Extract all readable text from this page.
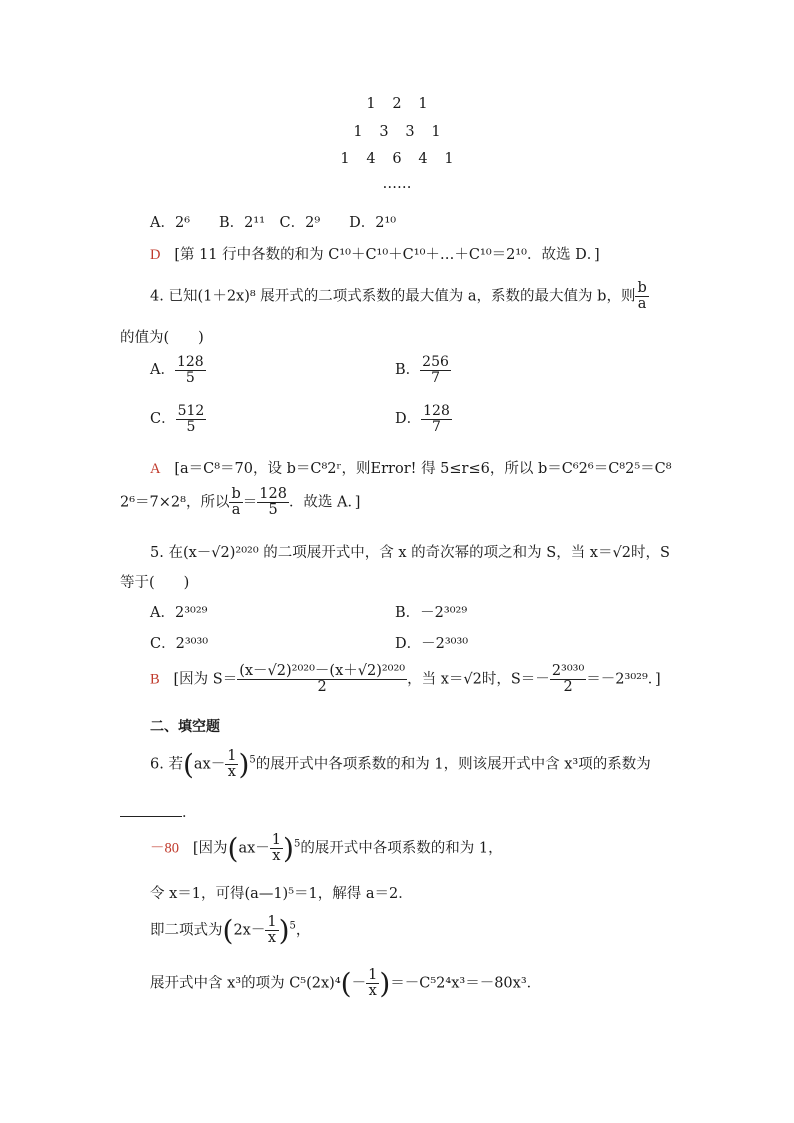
1 2 1
1 3 3 1
1 4 6 4 1
……
A．2⁶　　B．2¹¹　C．2⁹　　D．2¹⁰
D [第 11 行中各数的和为 C¹⁰＋C¹⁰＋C¹⁰＋…＋C¹⁰＝2¹⁰．故选 D．]
4. 已知(1＋2x)⁸ 展开式的二项式系数的最大值为 a，系数的最大值为 b，则 $\frac{b}{a}$
的值为(　　)
A． $\frac{128}{5}$	B． $\frac{256}{7}$
C． $\frac{512}{5}$	D． $\frac{128}{7}$
A [a＝C⁸＝70，设 b＝C⁸2ʳ，则Error! 得 5≤r≤6，所以 b＝C⁶2⁶＝C⁸2⁵＝C⁸
2⁶＝7×2⁸，所以 $\frac{b}{a} = \frac{128}{5}$ ．故选 A．]
5. 在(x－√2)²⁰²⁰ 的二项展开式中，含 x 的奇次幂的项之和为 S，当 x＝√2时，S
等于(　　)
A．2³⁰²⁹	B．－2³⁰²⁹
C．2³⁰³⁰	D．－2³⁰³⁰
B [因为 $S= \frac{\text{(x－√2)²⁰²⁰－(x＋√2)²⁰²⁰}}{2}$ ，当 x＝√2时，$S=- \frac{\text{2³⁰³⁰}}{2} =-2^{3029}$．]
二、填空题
6. 若$(ax- \frac{1}{x} )^5$的展开式中各项系数的和为 1，则该展开式中含 x³项的系数为
．
－80 [因为$(ax- \frac{1}{x} )^5$的展开式中各项系数的和为 1，
令 x＝1，可得(a—1)⁵＝1，解得 a＝2．
即二项式为$(2x- \frac{1}{x} )^5$，
展开式中含 x³的项为 $C^5(2x)^4(- \frac{1}{x} )=-C^52^4x^3=-80x^3$．
